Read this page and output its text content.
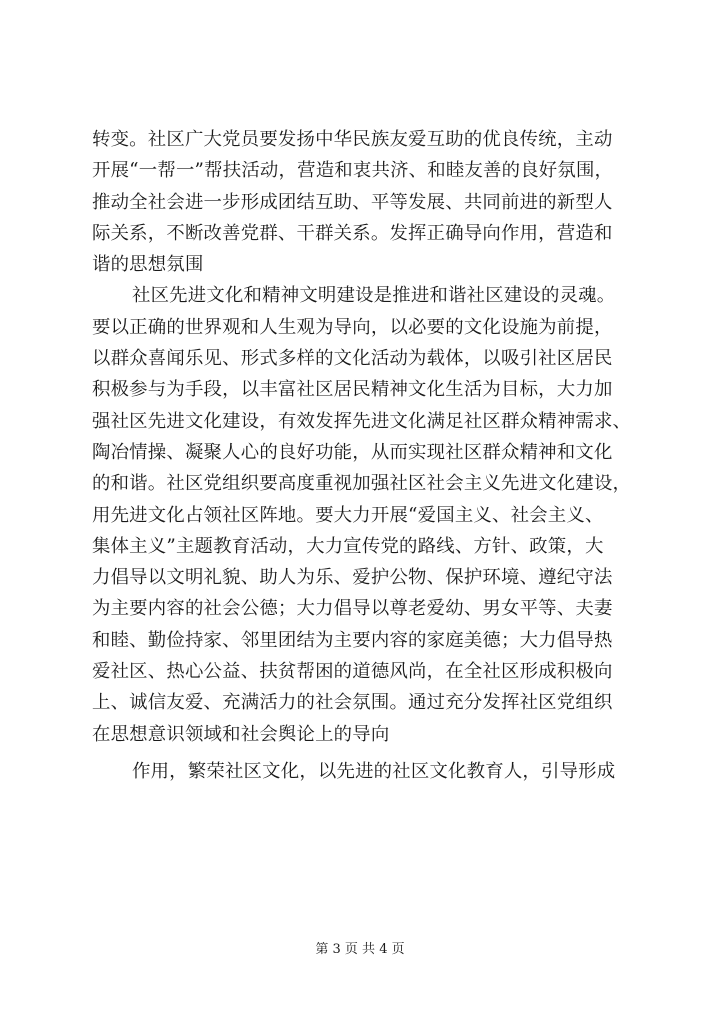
转变。社区广大党员要发扬中华民族友爱互助的优良传统，主动
开展“一帮一”帮扶活动，营造和衷共济、和睦友善的良好氛围，
推动全社会进一步形成团结互助、平等发展、共同前进的新型人
际关系，不断改善党群、干群关系。发挥正确导向作用，营造和
谐的思想氛围
社区先进文化和精神文明建设是推进和谐社区建设的灵魂。
要以正确的世界观和人生观为导向，以必要的文化设施为前提，
以群众喜闻乐见、形式多样的文化活动为载体，以吸引社区居民
积极参与为手段，以丰富社区居民精神文化生活为目标，大力加
强社区先进文化建设，有效发挥先进文化满足社区群众精神需求、
陶冶情操、凝聚人心的良好功能，从而实现社区群众精神和文化
的和谐。社区党组织要高度重视加强社区社会主义先进文化建设，
用先进文化占领社区阵地。要大力开展“爱国主义、社会主义、
集体主义”主题教育活动，大力宣传党的路线、方针、政策，大
力倡导以文明礼貌、助人为乐、爱护公物、保护环境、遵纪守法
为主要内容的社会公德；大力倡导以尊老爱幼、男女平等、夫妻
和睦、勤俭持家、邻里团结为主要内容的家庭美德；大力倡导热
爱社区、热心公益、扶贫帮困的道德风尚，在全社区形成积极向
上、诚信友爱、充满活力的社会氛围。通过充分发挥社区党组织
在思想意识领域和社会舆论上的导向
作用，繁荣社区文化，以先进的社区文化教育人，引导形成
第 3 页 共 4 页
